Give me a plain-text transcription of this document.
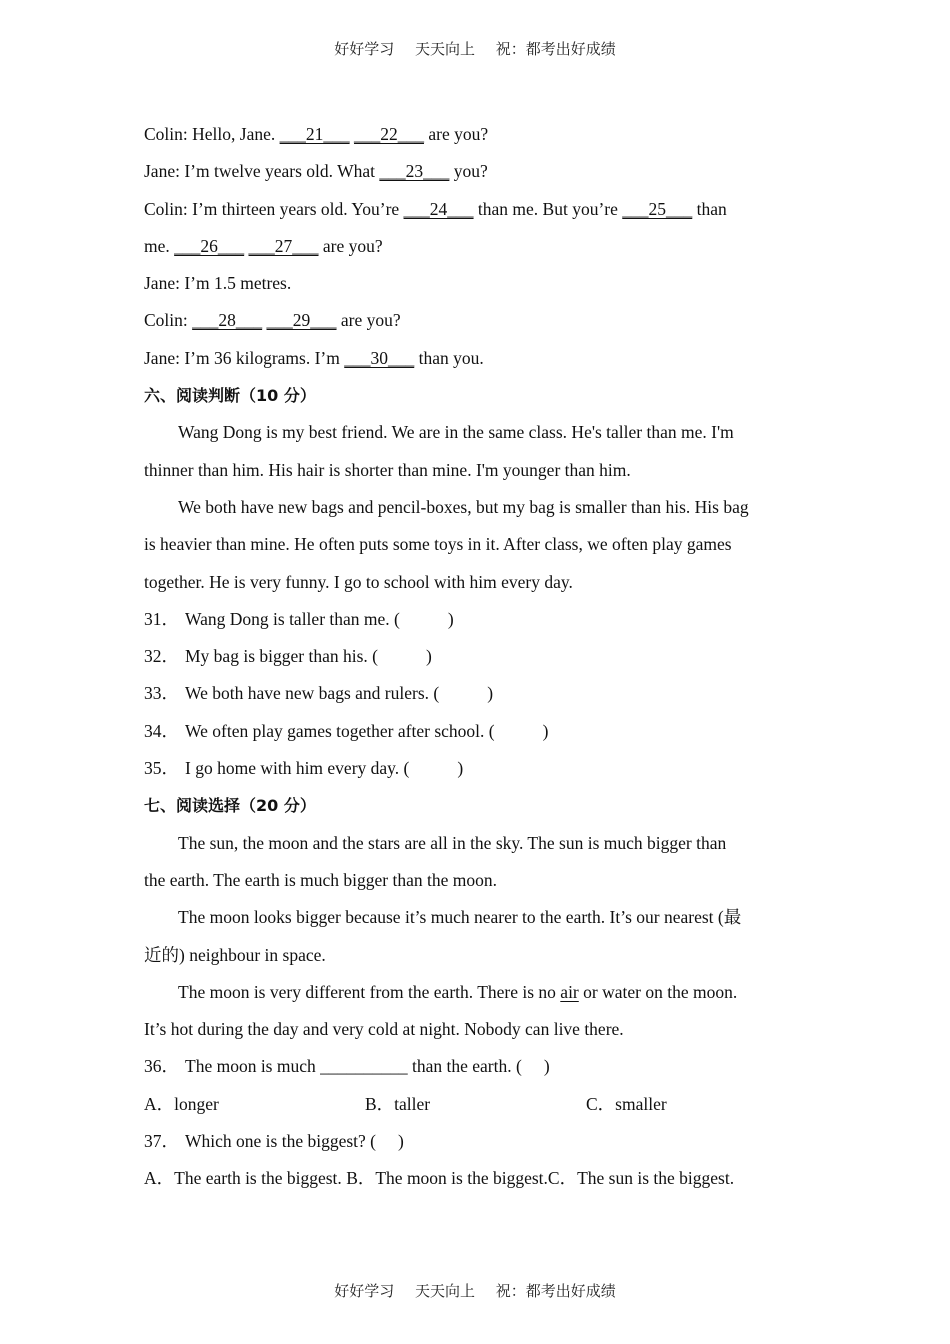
好好学习 天天向上 祝：都考出好成绩
Colin: Hello, Jane. ___21___ ___22___ are you?
Jane: I’m twelve years old. What ___23___ you?
Colin: I’m thirteen years old. You’re ___24___ than me. But you’re ___25___ than
me. ___26___ ___27___ are you?
Jane: I’m 1.5 metres.
Colin: ___28___ ___29___ are you?
Jane: I’m 36 kilograms. I’m ___30___ than you.
六、阅读判断（10 分）
Wang Dong is my best friend. We are in the same class. He's taller than me. I'm
thinner than him. His hair is shorter than mine. I'm younger than him.
We both have new bags and pencil-boxes, but my bag is smaller than his. His bag
is heavier than mine. He often puts some toys in it. After class, we often play games
together. He is very funny. I go to school with him every day.
31． Wang Dong is taller than me. (	)
32． My bag is bigger than his. (	)
33． We both have new bags and rulers. (	)
34． We often play games together after school. (	)
35． I go home with him every day. (	)
七、阅读选择（20 分）
The sun, the moon and the stars are all in the sky. The sun is much bigger than
the earth. The earth is much bigger than the moon.
The moon looks bigger because it’s much nearer to the earth. It’s our nearest (最
近的) neighbour in space.
The moon is very different from the earth. There is no air or water on the moon.
It’s hot during the day and very cold at night. Nobody can live there.
36． The moon is much __________ than the earth. ( )
A．longer	B．taller	C．smaller
37． Which one is the biggest? ( )
A．The earth is the biggest. B．The moon is the biggest.C．The sun is the biggest.
好好学习 天天向上 祝：都考出好成绩
